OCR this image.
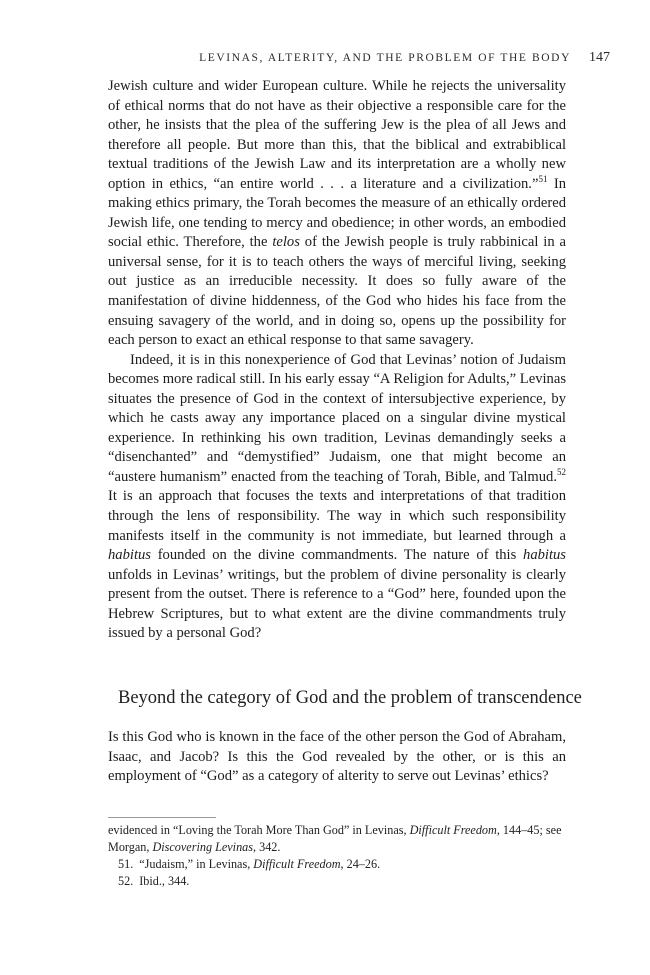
LEVINAS, ALTERITY, AND THE PROBLEM OF THE BODY 147

Jewish culture and wider European culture. While he rejects the universality of ethical norms that do not have as their objective a responsible care for the other, he insists that the plea of the suffering Jew is the plea of all Jews and therefore all people. But more than this, that the biblical and extrabiblical textual traditions of the Jewish Law and its interpretation are a wholly new option in ethics, “an entire world . . . a literature and a civilization.”$^{51}$ In making ethics primary, the Torah becomes the measure of an ethically ordered Jewish life, one tending to mercy and obedience; in other words, an embodied social ethic. Therefore, the telos of the Jewish people is truly rabbinical in a universal sense, for it is to teach others the ways of merciful living, seeking out justice as an irreducible necessity. It does so fully aware of the manifestation of divine hiddenness, of the God who hides his face from the ensuing savagery of the world, and in doing so, opens up the possibility for each person to exact an ethical response to that same savagery.

Indeed, it is in this nonexperience of God that Levinas’ notion of Judaism becomes more radical still. In his early essay “A Religion for Adults,” Levinas situates the presence of God in the context of intersubjective experience, by which he casts away any importance placed on a singular divine mystical experience. In rethinking his own tradition, Levinas demandingly seeks a “disenchanted” and “demystified” Judaism, one that might become an “austere humanism” enacted from the teaching of Torah, Bible, and Talmud.$^{52}$ It is an approach that focuses the texts and interpretations of that tradition through the lens of responsibility. The way in which such responsibility manifests itself in the community is not immediate, but learned through a habitus founded on the divine commandments. The nature of this habitus unfolds in Levinas’ writings, but the problem of divine personality is clearly present from the outset. There is reference to a “God” here, founded upon the Hebrew Scriptures, but to what extent are the divine commandments truly issued by a personal God?

Beyond the category of God and the problem of transcendence

Is this God who is known in the face of the other person the God of Abraham, Isaac, and Jacob? Is this the God revealed by the other, or is this an employment of “God” as a category of alterity to serve out Levinas’ ethics?

evidenced in “Loving the Torah More Than God” in Levinas, Difficult Freedom, 144–45; see Morgan, Discovering Levinas, 342.

51. “Judaism,” in Levinas, Difficult Freedom, 24–26.

52. Ibid., 344.
